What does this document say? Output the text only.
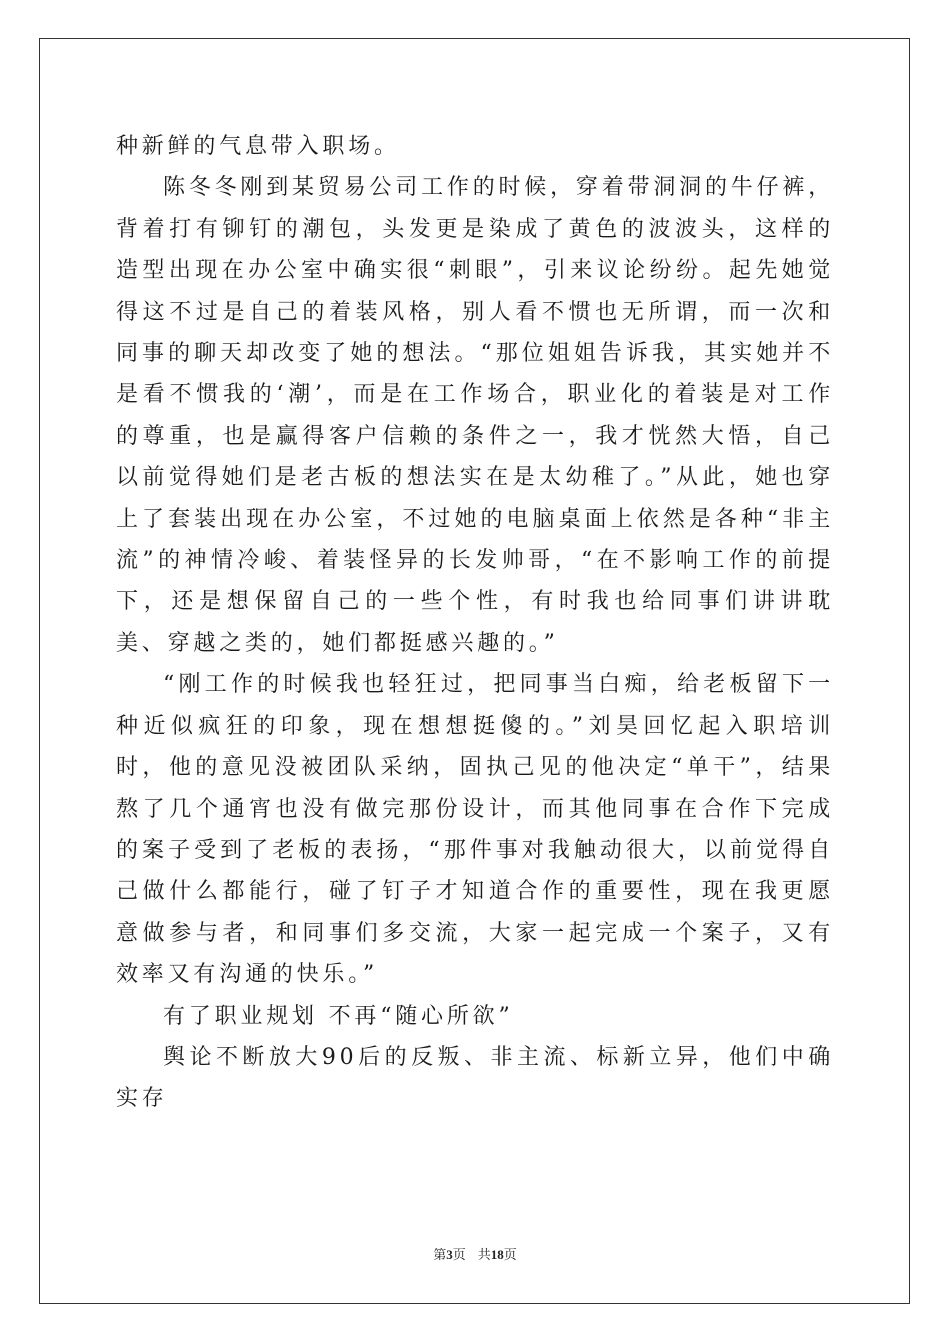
种新鲜的气息带入职场。

陈冬冬刚到某贸易公司工作的时候，穿着带洞洞的牛仔裤，背着打有铆钉的潮包，头发更是染成了黄色的波波头，这样的造型出现在办公室中确实很“刺眼”，引来议论纷纷。起先她觉得这不过是自己的着装风格，别人看不惯也无所谓，而一次和同事的聊天却改变了她的想法。“那位姐姐告诉我，其实她并不是看不惯我的‘潮’，而是在工作场合，职业化的着装是对工作的尊重，也是赢得客户信赖的条件之一，我才恍然大悟，自己以前觉得她们是老古板的想法实在是太幼稚了。”从此，她也穿上了套装出现在办公室，不过她的电脑桌面上依然是各种“非主流”的神情冷峻、着装怪异的长发帅哥，“在不影响工作的前提下，还是想保留自己的一些个性，有时我也给同事们讲讲耽美、穿越之类的，她们都挺感兴趣的。”

“刚工作的时候我也轻狂过，把同事当白痴，给老板留下一种近似疯狂的印象，现在想想挺傻的。”刘昊回忆起入职培训时，他的意见没被团队采纳，固执己见的他决定“单干”，结果熬了几个通宵也没有做完那份设计，而其他同事在合作下完成的案子受到了老板的表扬，“那件事对我触动很大，以前觉得自己做什么都能行，碰了钉子才知道合作的重要性，现在我更愿意做参与者，和同事们多交流，大家一起完成一个案子，又有效率又有沟通的快乐。”

有了职业规划 不再“随心所欲”

舆论不断放大90后的反叛、非主流、标新立异，他们中确实存

第3页 共18页
